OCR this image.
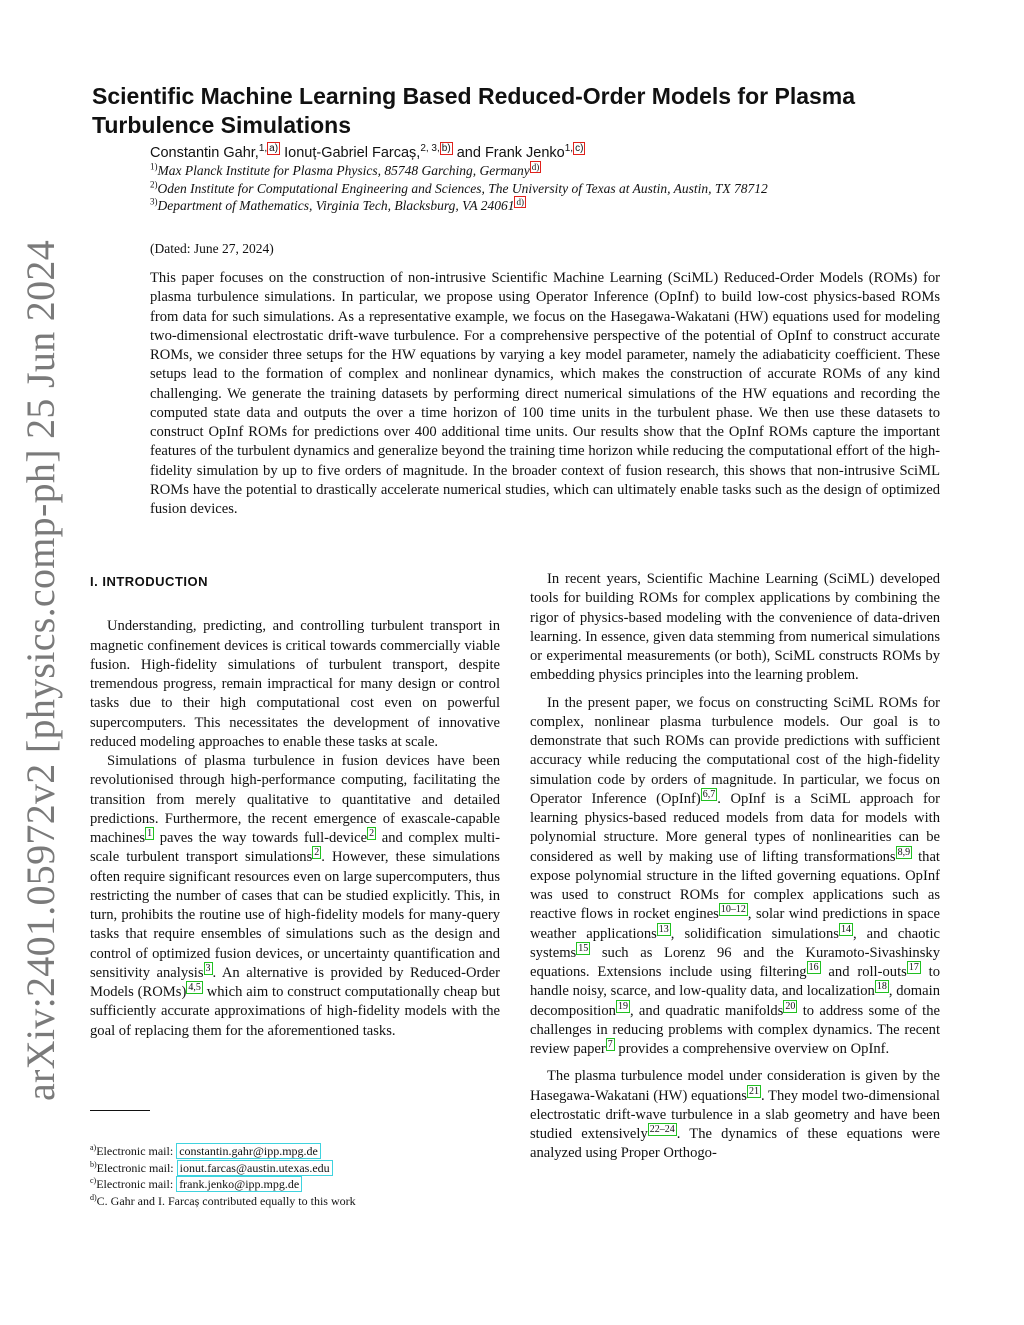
arXiv:2401.05972v2 [physics.comp-ph] 25 Jun 2024
Scientific Machine Learning Based Reduced-Order Models for Plasma Turbulence Simulations
Constantin Gahr,$^{1,}$ $^{a)}$ Ionuț-Gabriel Farcaș,$^{2, 3,}$ $^{b)}$ and Frank Jenko$^{1,}$ $^{c)}$

$^{1)}$Max Planck Institute for Plasma Physics, 85748 Garching, Germany $^{d)}$

$^{2)}$Oden Institute for Computational Engineering and Sciences, The University of Texas at Austin, Austin, TX 78712

$^{3)}$Department of Mathematics, Virginia Tech, Blacksburg, VA 24061 $^{d)}$

(Dated: June 27, 2024)

This paper focuses on the construction of non-intrusive Scientific Machine Learning (SciML) Reduced-Order Models (ROMs) for plasma turbulence simulations. In particular, we propose using Operator Inference (OpInf) to build low-cost physics-based ROMs from data for such simulations. As a representative example, we focus on the Hasegawa-Wakatani (HW) equations used for modeling two-dimensional electrostatic drift-wave turbulence. For a comprehensive perspective of the potential of OpInf to construct accurate ROMs, we consider three setups for the HW equations by varying a key model parameter, namely the adiabaticity coefficient. These setups lead to the formation of complex and nonlinear dynamics, which makes the construction of accurate ROMs of any kind challenging. We generate the training datasets by performing direct numerical simulations of the HW equations and recording the computed state data and outputs the over a time horizon of 100 time units in the turbulent phase. We then use these datasets to construct OpInf ROMs for predictions over 400 additional time units. Our results show that the OpInf ROMs capture the important features of the turbulent dynamics and generalize beyond the training time horizon while reducing the computational effort of the high-fidelity simulation by up to five orders of magnitude. In the broader context of fusion research, this shows that non-intrusive SciML ROMs have the potential to drastically accelerate numerical studies, which can ultimately enable tasks such as the design of optimized fusion devices.

I. INTRODUCTION

Understanding, predicting, and controlling turbulent transport in magnetic confinement devices is critical towards commercially viable fusion. High-fidelity simulations of turbulent transport, despite tremendous progress, remain impractical for many design or control tasks due to their high computational cost even on powerful supercomputers. This necessitates the development of innovative reduced modeling approaches to enable these tasks at scale.

Simulations of plasma turbulence in fusion devices have been revolutionised through high-performance computing, facilitating the transition from merely qualitative to quantitative and detailed predictions. Furthermore, the recent emergence of exascale-capable machines $^1$ paves the way towards full-device $^2$ and complex multi-scale turbulent transport simulations $^2$ . However, these simulations often require significant resources even on large supercomputers, thus restricting the number of cases that can be studied explicitly. This, in turn, prohibits the routine use of high-fidelity models for many-query tasks that require ensembles of simulations such as the design and control of optimized fusion devices, or uncertainty quantification and sensitivity analysis $^3$ . An alternative is provided by Reduced-Order Models (ROMs) $^{4,5}$ which aim to construct computationally cheap but sufficiently accurate approximations of high-fidelity models with the goal of replacing them for the aforementioned tasks.

In recent years, Scientific Machine Learning (SciML) developed tools for building ROMs for complex applications by combining the rigor of physics-based modeling with the convenience of data-driven learning. In essence, given data stemming from numerical simulations or experimental measurements (or both), SciML constructs ROMs by embedding physics principles into the learning problem.

In the present paper, we focus on constructing SciML ROMs for complex, nonlinear plasma turbulence models. Our goal is to demonstrate that such ROMs can provide predictions with sufficient accuracy while reducing the computational cost of the high-fidelity simulation code by orders of magnitude. In particular, we focus on Operator Inference (OpInf) $^{6,7}$ . OpInf is a SciML approach for learning physics-based reduced models from data for models with polynomial structure. More general types of nonlinearities can be considered as well by making use of lifting transformations $^{8,9}$ that expose polynomial structure in the lifted governing equations. OpInf was used to construct ROMs for complex applications such as reactive flows in rocket engines $^{10-12}$ , solar wind predictions in space weather applications $^{13}$ , solidification simulations $^{14}$ , and chaotic systems $^{15}$ such as Lorenz 96 and the Kuramoto-Sivashinsky equations. Extensions include using filtering $^{16}$ and roll-outs $^{17}$ to handle noisy, scarce, and low-quality data, and localization $^{18}$ , domain decomposition $^{19}$ , and quadratic manifolds $^{20}$ to address some of the challenges in reducing problems with complex dynamics. The recent review paper $^7$ provides a comprehensive overview on OpInf.

The plasma turbulence model under consideration is given by the Hasegawa-Wakatani (HW) equations $^{21}$ . They model two-dimensional electrostatic drift-wave turbulence in a slab geometry and have been studied extensively $^{22-24}$ . The dynamics of these equations were analyzed using Proper Orthogo-

$^{a)}$Electronic mail: constantin.gahr@ipp.mpg.de

$^{b)}$Electronic mail: ionut.farcas@austin.utexas.edu

$^{c)}$Electronic mail: frank.jenko@ipp.mpg.de

$^{d)}$C. Gahr and I. Farcaș contributed equally to this work
